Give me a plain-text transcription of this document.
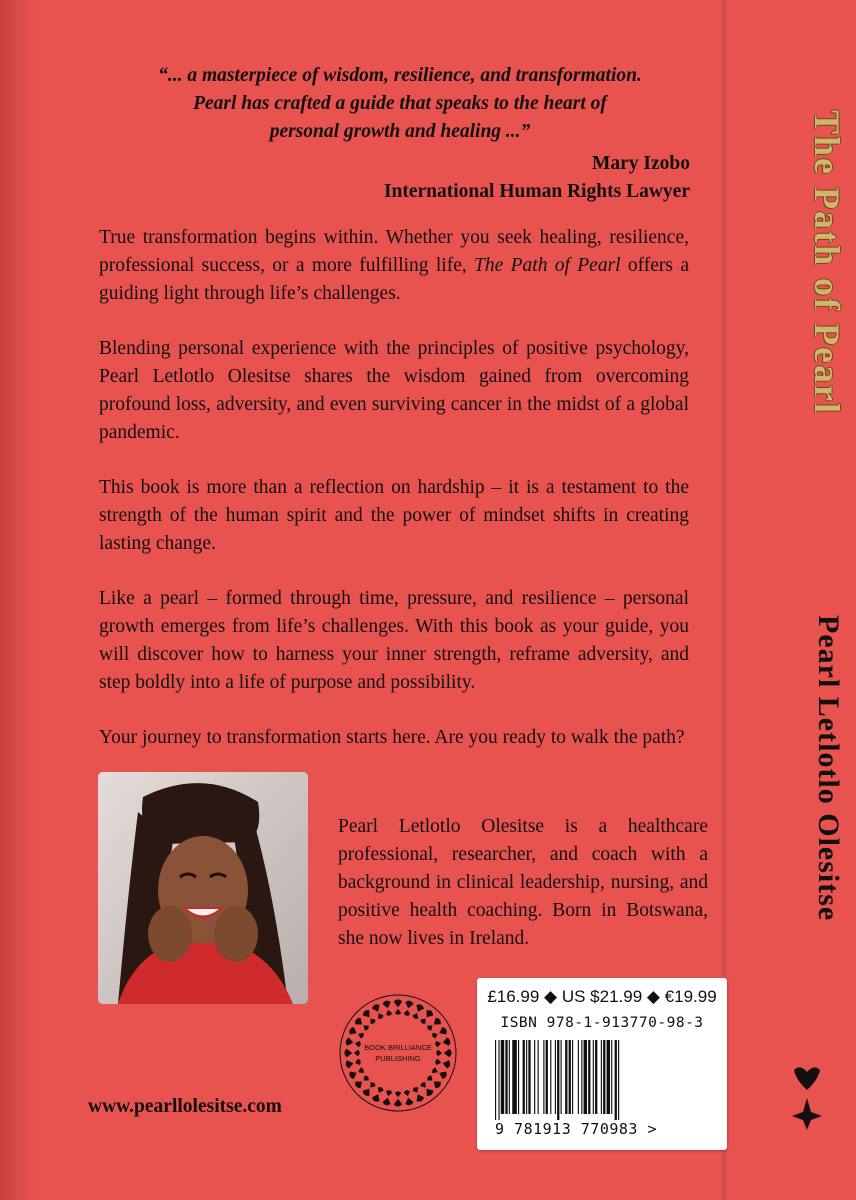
“... a masterpiece of wisdom, resilience, and transformation.
Pearl has crafted a guide that speaks to the heart of
personal growth and healing ...”
Mary Izobo
International Human Rights Lawyer

True transformation begins within. Whether you seek healing, resilience, professional success, or a more fulfilling life, The Path of Pearl offers a guiding light through life’s challenges.

Blending personal experience with the principles of positive psychology, Pearl Letlotlo Olesitse shares the wisdom gained from overcoming profound loss, adversity, and even surviving cancer in the midst of a global pandemic.

This book is more than a reflection on hardship – it is a testament to the strength of the human spirit and the power of mindset shifts in creating lasting change.

Like a pearl – formed through time, pressure, and resilience – personal growth emerges from life’s challenges. With this book as your guide, you will discover how to harness your inner strength, reframe adversity, and step boldly into a life of purpose and possibility.

Your journey to transformation starts here. Are you ready to walk the path?

Pearl Letlotlo Olesitse is a healthcare professional, researcher, and coach with a background in clinical leadership, nursing, and positive health coaching. Born in Botswana, she now lives in Ireland.
BOOK BRILLIANCE
PUBLISHING
www.pearllolesitse.com
£16.99 ◆ US $21.99 ◆ €19.99
ISBN 978-1-913770-98-3
9 781913 770983 >
The Path of Pearl
Pearl Letlotlo Olesitse
